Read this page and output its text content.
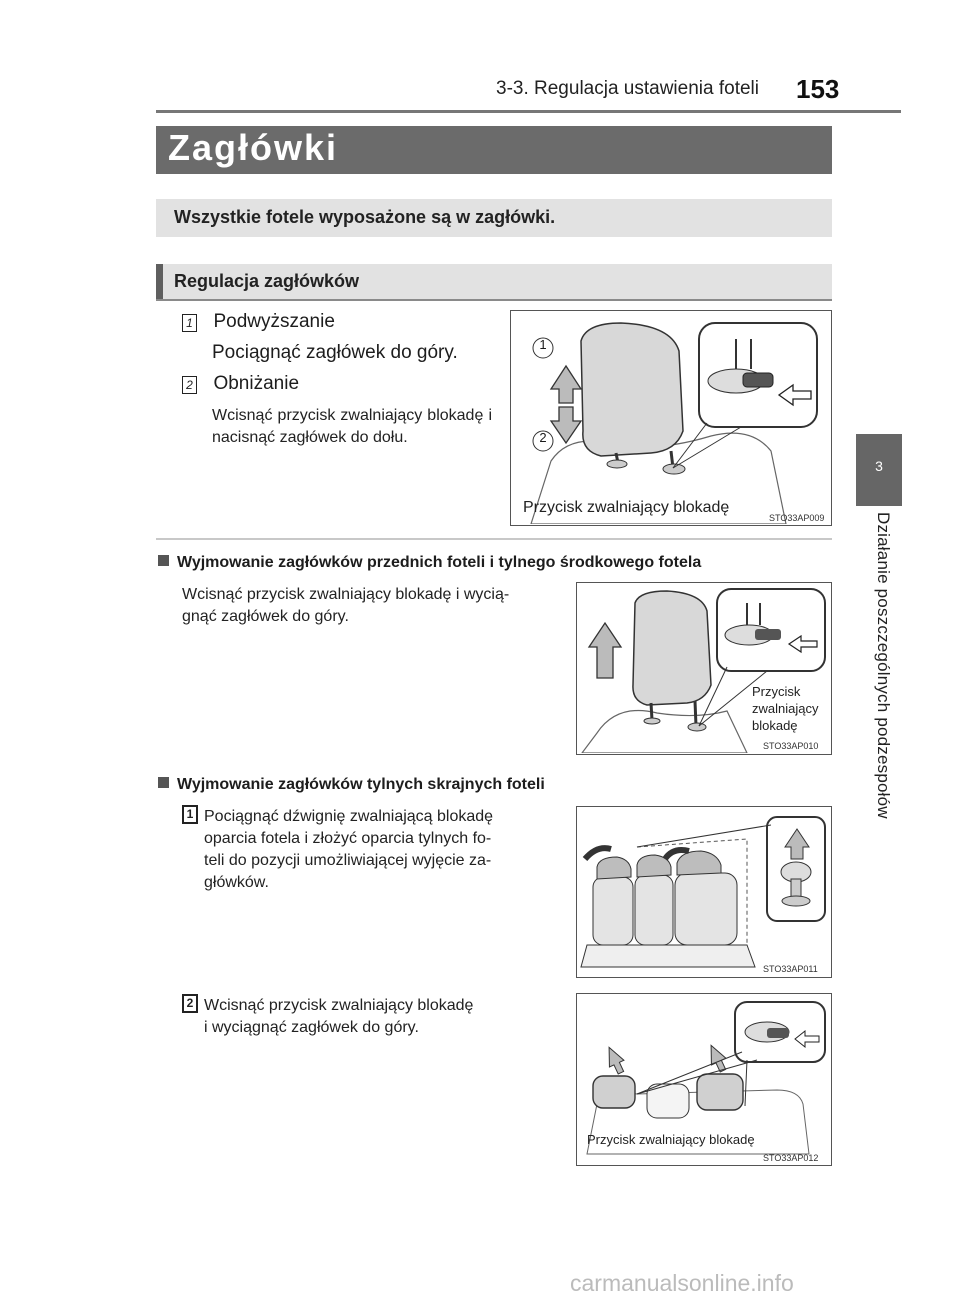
3-3. Regulacja ustawienia foteli 153
3
Działanie poszczególnych podzespołów
Zagłówki
Wszystkie fotele wyposażone są w zagłówki.
Regulacja zagłówków
1 Podwyższanie
Pociągnąć zagłówek do góry.
2 Obniżanie
Wcisnąć przycisk zwalniający blokadę i nacisnąć zagłówek do dołu.
1
2
Przycisk zwalniający blokadę
STO33AP009
Wyjmowanie zagłówków przednich foteli i tylnego środkowego fotela
Wcisnąć przycisk zwalniający blokadę i wycią-
gnąć zagłówek do góry.
Przycisk
zwalniający
blokadę
STO33AP010
Wyjmowanie zagłówków tylnych skrajnych foteli
1 Pociągnąć dźwignię zwalniającą blokadę
oparcia fotela i złożyć oparcia tylnych fo-
teli do pozycji umożliwiającej wyjęcie za-
główków.
STO33AP011
2 Wcisnąć przycisk zwalniający blokadę
i wyciągnąć zagłówek do góry.
Przycisk zwalniający blokadę
STO33AP012
carmanualsonline.info
